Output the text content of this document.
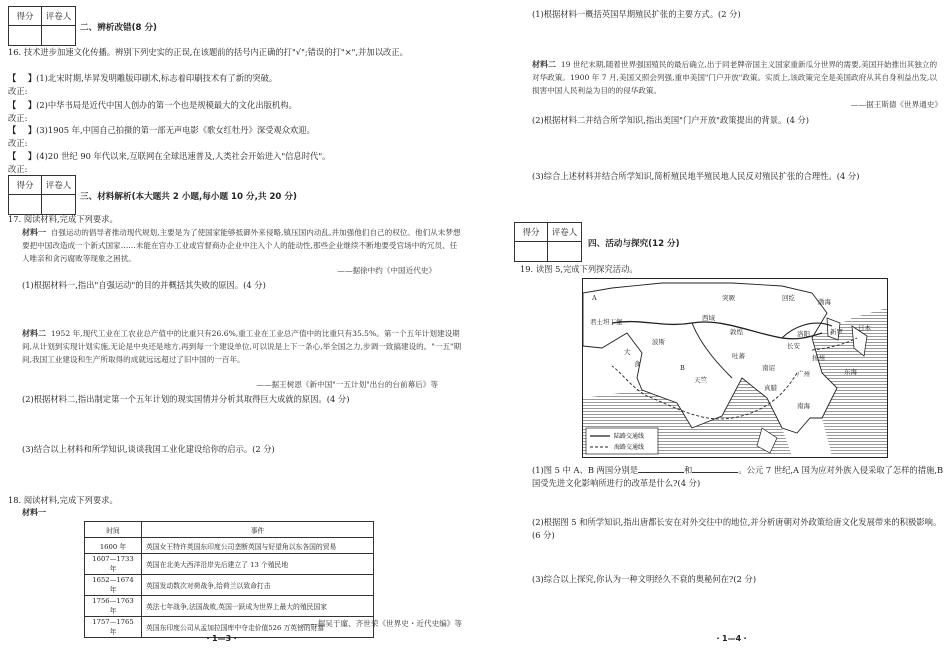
得分	评卷人
二、辨析改错(8 分)
16. 技术进步加速文化传播。辨别下列史实的正误,在该题前的括号内正确的打"√";错误的打"×",并加以改正。
【    】(1)北宋时期,毕昇发明雕版印刷术,标志着印刷技术有了新的突破。
改正:
【    】(2)中华书局是近代中国人创办的第一个也是规模最大的文化出版机构。
改正:
【    】(3)1905 年,中国自己拍摄的第一部无声电影《歌女红牡丹》深受观众欢迎。
改正:
【    】(4)20 世纪 90 年代以来,互联网在全球迅速普及,人类社会开始进入"信息时代"。
改正:
得分	评卷人
三、材料解析(本大题共 2 小题,每小题 10 分,共 20 分)
17. 阅读材料,完成下列要求。
材料一 自强运动的倡导者推动现代规划,主要是为了使国家能够抵御外来侵略,镇压国内动乱,并加强他们自己的权位。他们从未梦想要把中国改造成一个新式国家……未能在官办工业或官督商办企业中注入个人的能动性,那些企业继续不断地要受官场中的冗员、任人唯亲和贪污腐败等现象之困扰。
——据徐中约《中国近代史》
(1)根据材料一,指出"自强运动"的目的并概括其失败的原因。(4 分)
材料二 1952 年,现代工业在工农业总产值中的比重只有26.6%,重工业在工业总产值中的比重只有35.5%。第一个五年计划建设期间,从计划到实现计划实施,无论是中央还是地方,再到每一个建设单位,可以说是上下一条心,举全国之力,步调一致搞建设的。"一五"期间,我国工业建设和生产所取得的成就远远超过了旧中国的一百年。
——据王树恩《新中国"一五计划"出台的台前幕后》等
(2)根据材料二,指出制定第一个五年计划的现实国情并分析其取得巨大成就的原因。(4 分)
(3)结合以上材料和所学知识,谈谈我国工业化建设给你的启示。(2 分)
18. 阅读材料,完成下列要求。
材料一
时间	事件
1600 年	英国女王特许英国东印度公司垄断英国与好望角以东各国的贸易
1607—1733 年	英国在北美大西洋沿岸先后建立了 13 个殖民地
1652—1674 年	英国发动数次对荷战争,给荷兰以致命打击
1756—1763 年	英法七年战争,法国战败,英国一跃成为世界上最大的殖民国家
1757—1765 年	英国东印度公司从孟加拉国库中夺走价值526 万英镑的财富
——据吴于廑、齐世荣《世界史・近代史编》等
・1—3・
(1)根据材料一概括英国早期殖民扩张的主要方式。(2 分)
材料二 19 世纪末期,随着世界强国殖民的最后确立,出于同老牌帝国主义国家重新瓜分世界的需要,美国开始推出其独立的对华政策。1900 年 7 月,美国又照会列强,重申美国"门户开放"政策。实质上,该政策完全是美国政府从其自身利益出发,以损害中国人民利益为目的的侵华政策。
——据王斯德《世界通史》
(2)根据材料二并结合所学知识,指出美国"门户开放"政策提出的背景。(4 分)
(3)综合上述材料并结合所学知识,简析殖民地半殖民地人民反对殖民扩张的合理性。(4 分)
得分	评卷人
四、活动与探究(12 分)
19. 读图 5,完成下列探究活动。
A
君士坦丁堡	西域
大
波斯
食
突厥
敦煌
吐蕃
回纥	渤海
新罗 日本
长安
扬州
洛阳
南诏
广州
天竺
真腊
B
南海
东海
陆路交通线
海路交通线
(1)图 5 中 A、B 两国分别是	和	。公元 7 世纪,A 国为应对外族入侵采取了怎样的措施,B 国受先进文化影响所进行的改革是什么?(4 分)
(2)根据图 5 和所学知识,指出唐都长安在对外交往中的地位,并分析唐朝对外政策给唐文化发展带来的积极影响。(6 分)
(3)综合以上探究,你认为一种文明经久不衰的奥秘何在?(2 分)
・1—4・
